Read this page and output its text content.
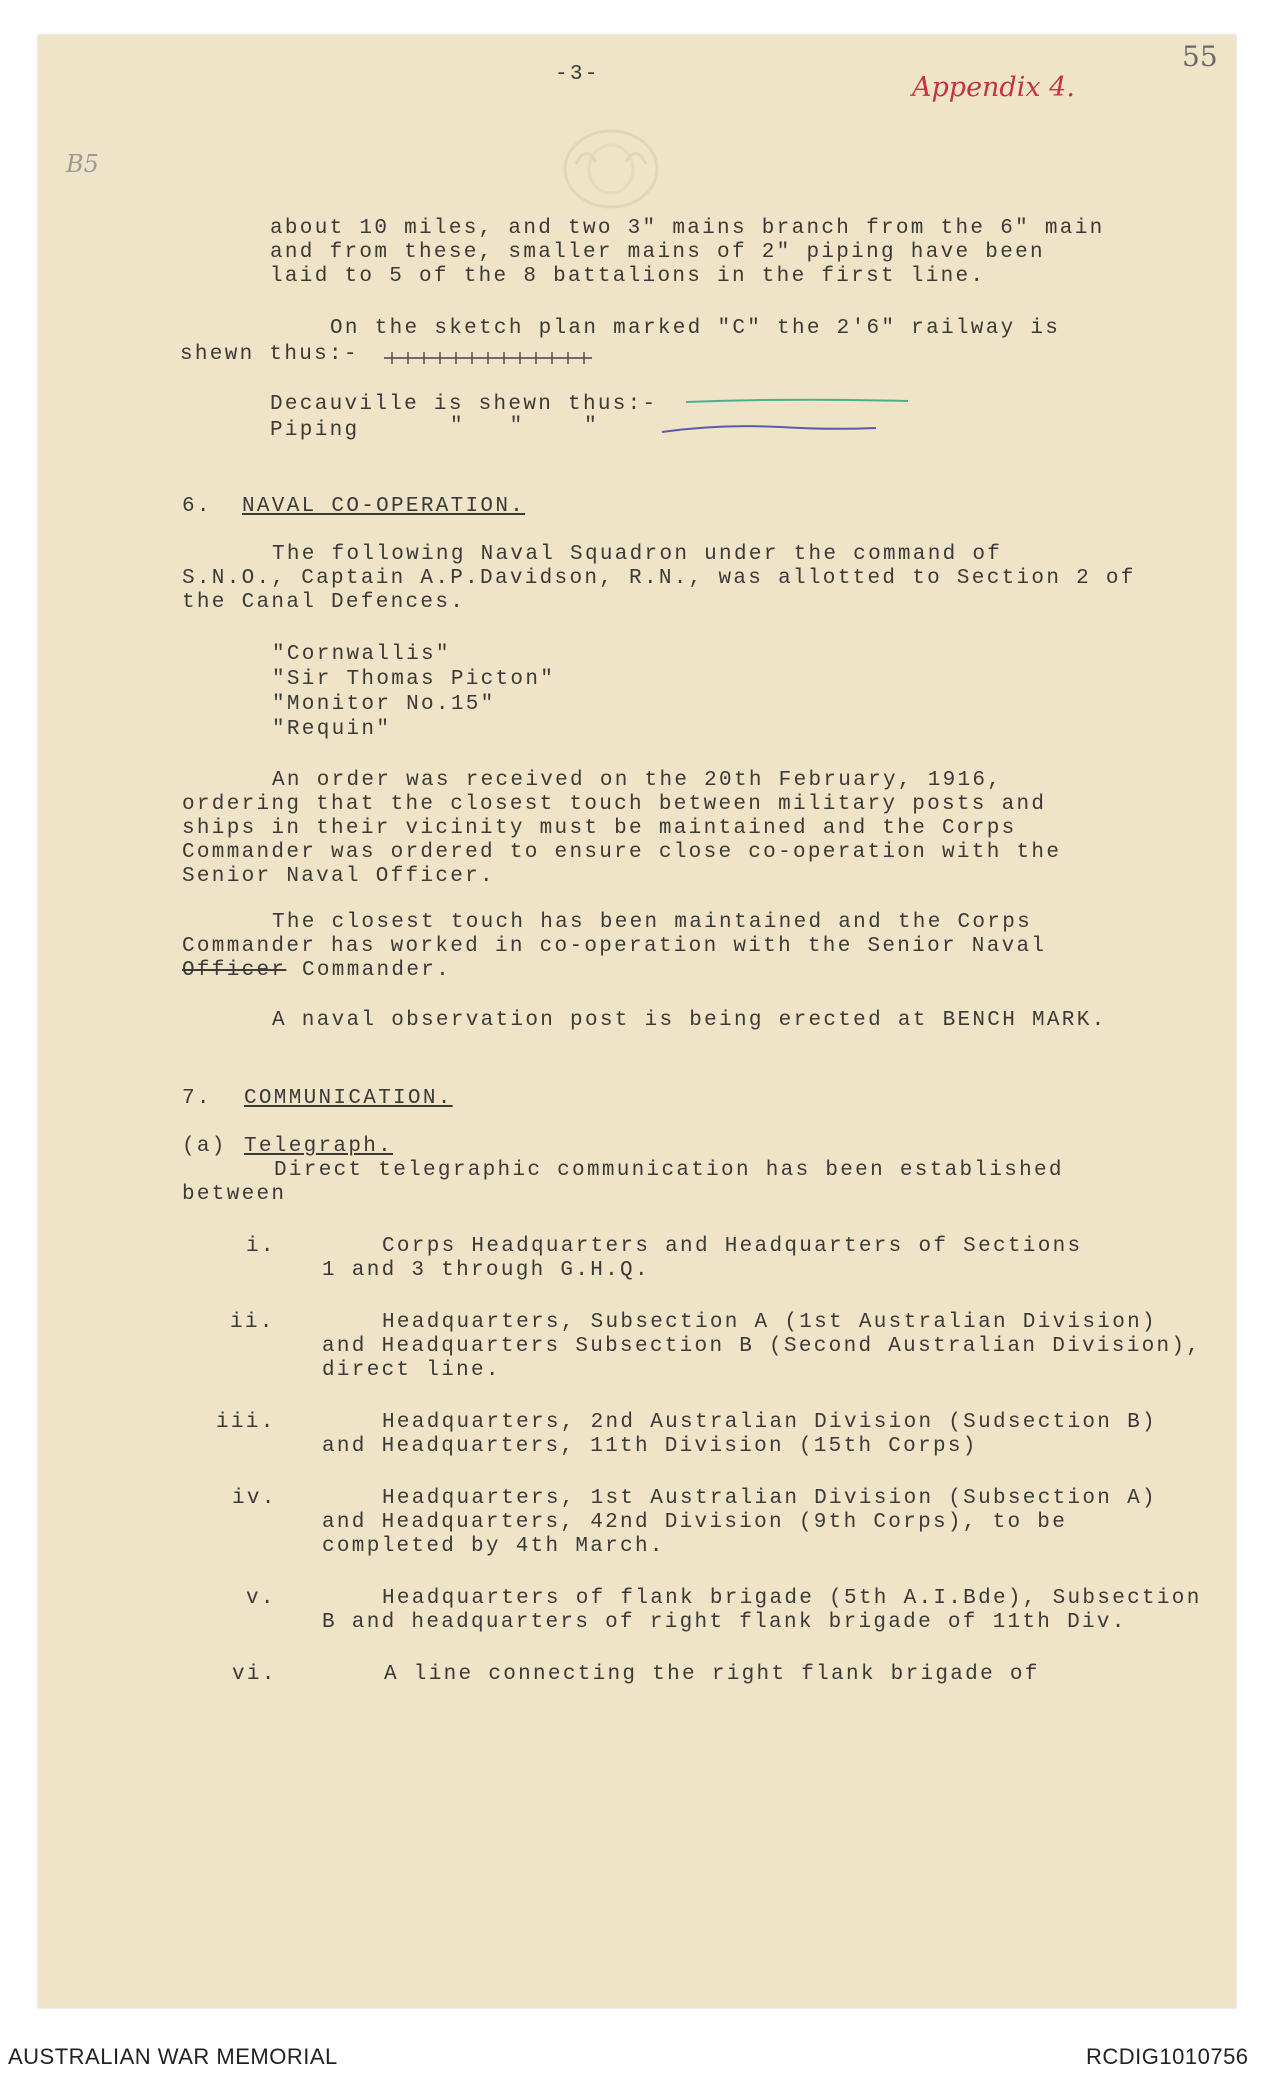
-3-
55
Appendix 4.
B5
about 10 miles, and two 3" mains branch from the 6" main
and from these, smaller mains of 2" piping have been
laid to 5 of the 8 battalions in the first line.
On the sketch plan marked "C" the 2'6" railway is
shewn thus:-
Decauville is shewn thus:-
Piping	"   "    "
6. NAVAL CO-OPERATION.
The following Naval Squadron under the command of
S.N.O., Captain A.P.Davidson, R.N., was allotted to Section 2 of
the Canal Defences.
"Cornwallis"
"Sir Thomas Picton"
"Monitor No.15"
"Requin"
An order was received on the 20th February, 1916,
ordering that the closest touch between military posts and
ships in their vicinity must be maintained and the Corps
Commander was ordered to ensure close co-operation with the
Senior Naval Officer.
The closest touch has been maintained and the Corps
Commander has worked in co-operation with the Senior Naval
Officer Commander.
A naval observation post is being erected at BENCH MARK.
7. COMMUNICATION.
(a) Telegraph.
Direct telegraphic communication has been established
between
i.	Corps Headquarters and Headquarters of Sections
1 and 3 through G.H.Q.
ii.	Headquarters, Subsection A (1st Australian Division)
and Headquarters Subsection B (Second Australian Division),
direct line.
iii.	Headquarters, 2nd Australian Division (Sudsection B)
and Headquarters, 11th Division (15th Corps)
iv.	Headquarters, 1st Australian Division (Subsection A)
and Headquarters, 42nd Division (9th Corps), to be
completed by 4th March.
v.	Headquarters of flank brigade (5th A.I.Bde), Subsection
B and headquarters of right flank brigade of 11th Div.
vi.	A line connecting the right flank brigade of
AUSTRALIAN WAR MEMORIAL	RCDIG1010756
